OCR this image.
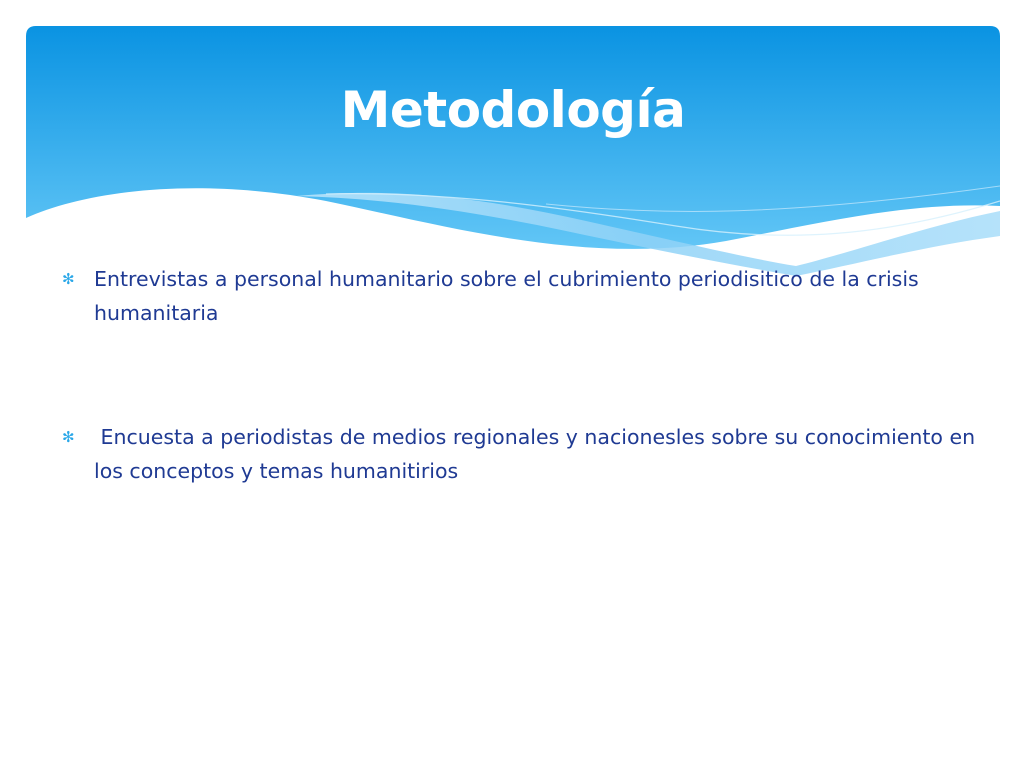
Metodología
✻ Entrevistas a personal humanitario sobre el cubrimiento periodisitico de la crisis humanitaria
✻ Encuesta a periodistas de medios regionales y nacionesles sobre su conocimiento en los conceptos y temas humanitirios
